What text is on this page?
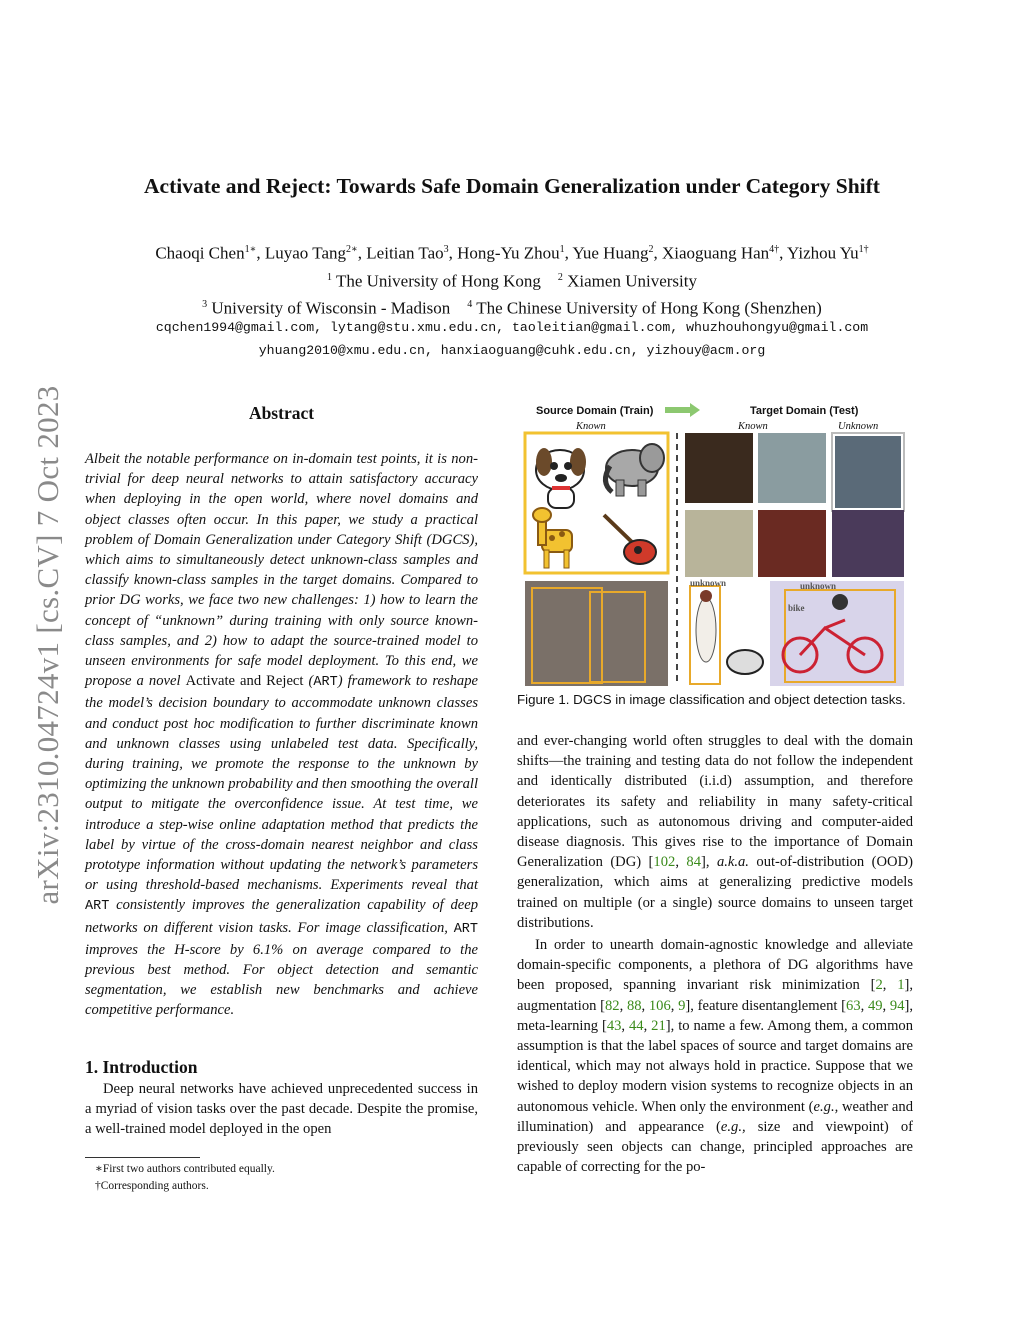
arXiv:2310.04724v1 [cs.CV] 7 Oct 2023
Activate and Reject: Towards Safe Domain Generalization under Category Shift
Chaoqi Chen$^{1∗}$, Luyao Tang$^{2∗}$, Leitian Tao$^3$, Hong-Yu Zhou$^1$, Yue Huang$^2$, Xiaoguang Han$^{4\dagger}$, Yizhou $Yu^{1\dagger}$
$^1$ The University of Hong Kong $^2$ Xiamen University
$^3$ University of Wisconsin - Madison $^4$ The Chinese University of Hong Kong (Shenzhen)
cqchen1994@gmail.com, lytang@stu.xmu.edu.cn, taoleitian@gmail.com, whuzhouhongyu@gmail.com
yhuang2010@xmu.edu.cn, hanxiaoguang@cuhk.edu.cn, yizhouy@acm.org
Abstract

Albeit the notable performance on in-domain test points, it is non-trivial for deep neural networks to attain satisfactory accuracy when deploying in the open world, where novel domains and object classes often occur. In this paper, we study a practical problem of Domain Generalization under Category Shift (DGCS), which aims to simultaneously detect unknown-class samples and classify known-class samples in the target domains. Compared to prior DG works, we face two new challenges: 1) how to learn the concept of “unknown” during training with only source known-class samples, and 2) how to adapt the source-trained model to unseen environments for safe model deployment. To this end, we propose a novel Activate and Reject (ART) framework to reshape the model’s decision boundary to accommodate unknown classes and conduct post hoc modification to further discriminate known and unknown classes using unlabeled test data. Specifically, during training, we promote the response to the unknown by optimizing the unknown probability and then smoothing the overall output to mitigate the overconfidence issue. At test time, we introduce a step-wise online adaptation method that predicts the label by virtue of the cross-domain nearest neighbor and class prototype information without updating the network’s parameters or using threshold-based mechanisms. Experiments reveal that ART consistently improves the generalization capability of deep networks on different vision tasks. For image classification, ART improves the H-score by 6.1% on average compared to the previous best method. For object detection and semantic segmentation, we establish new benchmarks and achieve competitive performance.

1. Introduction

Deep neural networks have achieved unprecedented success in a myriad of vision tasks over the past decade. Despite the promise, a well-trained model deployed in the open

∗First two authors contributed equally.
†Corresponding authors.
Source Domain (Train)	Target Domain (Test)
Known	Known	Unknown
unknown	unknown
bike
Figure 1. DGCS in image classification and object detection tasks.

and ever-changing world often struggles to deal with the domain shifts—the training and testing data do not follow the independent and identically distributed (i.i.d) assumption, and therefore deteriorates its safety and reliability in many safety-critical applications, such as autonomous driving and computer-aided disease diagnosis. This gives rise to the importance of Domain Generalization (DG) [102, 84], a.k.a. out-of-distribution (OOD) generalization, which aims at generalizing predictive models trained on multiple (or a single) source domains to unseen target distributions.

In order to unearth domain-agnostic knowledge and alleviate domain-specific components, a plethora of DG algorithms have been proposed, spanning invariant risk minimization [2, 1], augmentation [82, 88, 106, 9], feature disentanglement [63, 49, 94], meta-learning [43, 44, 21], to name a few. Among them, a common assumption is that the label spaces of source and target domains are identical, which may not always hold in practice. Suppose that we wished to deploy modern vision systems to recognize objects in an autonomous vehicle. When only the environment (e.g., weather and illumination) and appearance (e.g., size and viewpoint) of previously seen objects can change, principled approaches are capable of correcting for the po-
